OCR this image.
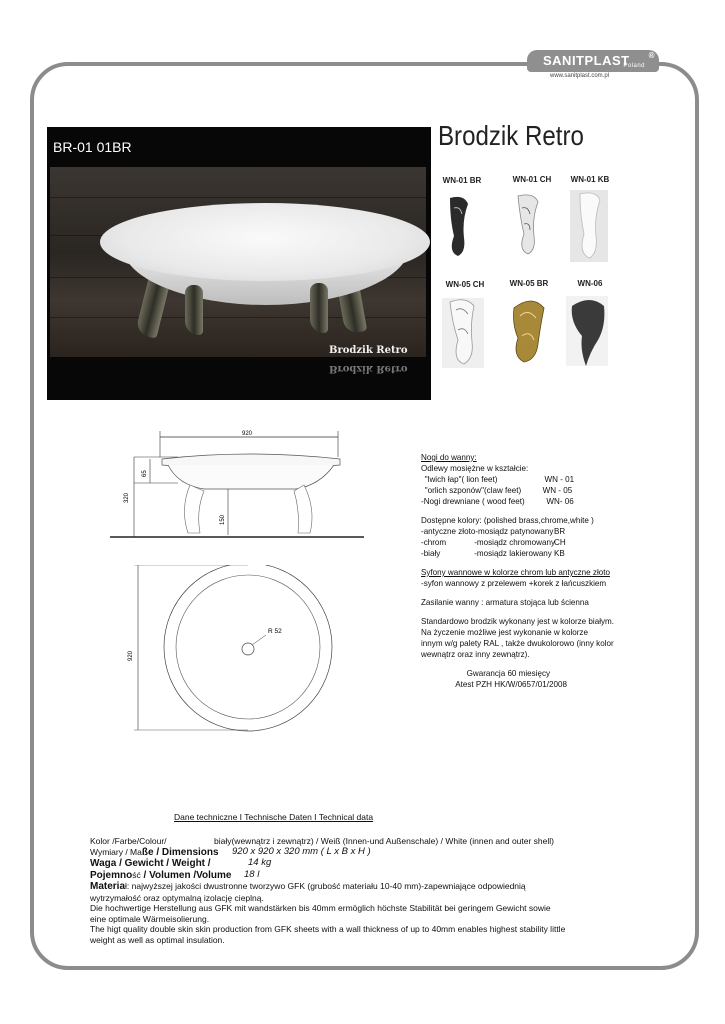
SANITPLAST ®
Poland
www.sanitplast.com.pl
BR-01 01BR
Brodzik Retro
Brodzik Retro
Brodzik Retro
WN-01 BR	WN-01 CH	WN-01 KB
WN-05 CH	WN-05 BR	WN-06
920
320
65
150
R 52
920
Nogi do wanny:
Odlewy mosiężne w kształcie:
"lwich łap"( lion feet)	WN - 01
"orlich szponów"(claw feet)	WN - 05
-Nogi drewniane ( wood feet)	WN- 06
Dostępne kolory: (polished brass,chrome,white )
-antyczne złoto-mosiądz patynowany BR
-chrom	-mosiądz chromowany CH
-biały	-mosiądz lakierowany KB
Syfony wannowe w kolorze chrom lub antyczne złoto
-syfon wannowy z przelewem +korek z łańcuszkiem
Zasilanie wanny : armatura stojąca lub ścienna
Standardowo brodzik wykonany jest w kolorze białym.
Na życzenie możliwe jest wykonanie w kolorze
innym w/g palety RAL , także dwukolorowo (inny kolor
wewnątrz oraz inny zewnątrz).
Gwarancja 60 miesięcy
Atest PZH HK/W/0657/01/2008
Dane techniczne I Technische Daten I Technical data
Kolor /Farbe/Colour/	biały(wewnątrz i zewnątrz) / Weiß (Innen-und Außenschale) / White (innen and outer shell)
Wymiary / Maße / Dimensions 920 x 920 x 320 mm ( L x B x H )
Waga / Gewicht / Weight /	14 kg
Pojemność / Volumen /Volume 18 l
Materiał: najwyższej jakości dwustronne tworzywo GFK (grubość materiału 10-40 mm)-zapewniające odpowiednią
wytrzymałość oraz optymalną izolację cieplną.
Die hochwertige Herstellung aus GFK mit wandstärken bis 40mm ermöglich höchste Stabilität bei geringem Gewicht sowie
eine optimale Wärmeisolierung.
The higt quality double skin skin production from GFK sheets with a wall thickness of up to 40mm enables highest stability little
weight as well as optimal insulation.
